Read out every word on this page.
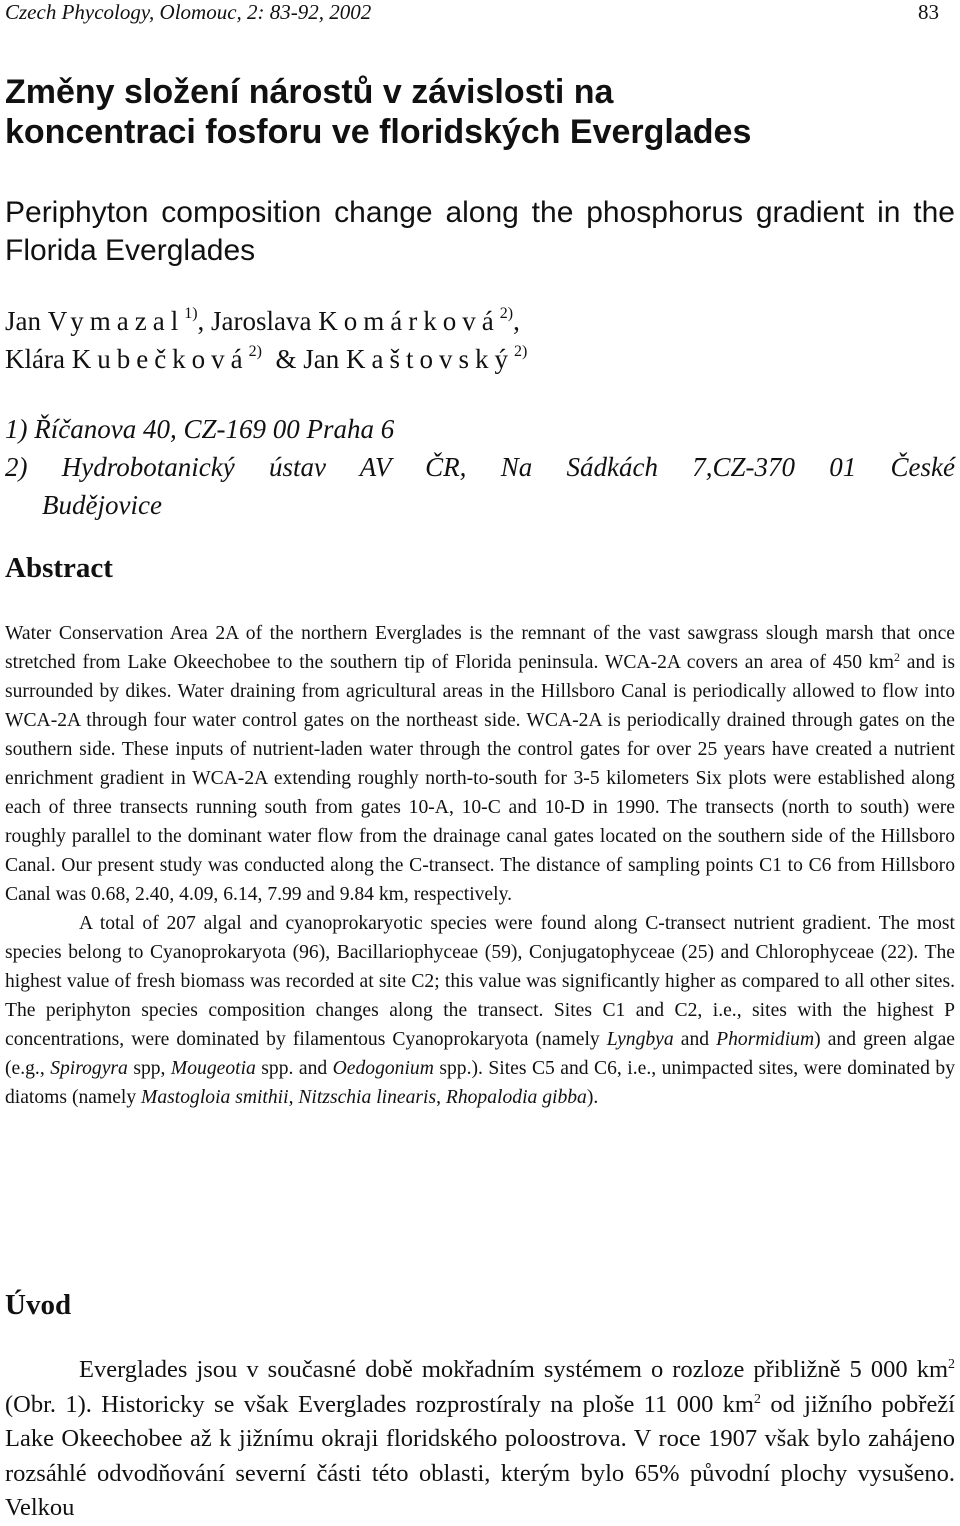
Czech Phycology, Olomouc, 2: 83-92, 2002	83
Změny složení nárostů v závislosti na
koncentraci fosforu ve floridských Everglades
Periphyton composition change along the phosphorus gradient in the Florida Everglades
Jan Vymazal$^{1)}$, Jaroslava Komárková$^{2)}$,
Klára Kubečková$^{2)}$ & Jan Kaštovský$^{2)}$
1) Říčanova 40, CZ-169 00 Praha 6
2) Hydrobotanický ústav AV ČR, Na Sádkách 7,CZ-370 01 České
Budějovice
Abstract

Water Conservation Area 2A of the northern Everglades is the remnant of the vast sawgrass slough marsh that once stretched from Lake Okeechobee to the southern tip of Florida peninsula. WCA-2A covers an area of 450 $km^2$ and is surrounded by dikes. Water draining from agricultural areas in the Hillsboro Canal is periodically allowed to flow into WCA-2A through four water control gates on the northeast side. WCA-2A is periodically drained through gates on the southern side. These inputs of nutrient-laden water through the control gates for over 25 years have created a nutrient enrichment gradient in WCA-2A extending roughly north-to-south for 3-5 kilometers Six plots were established along each of three transects running south from gates 10-A, 10-C and 10-D in 1990. The transects (north to south) were roughly parallel to the dominant water flow from the drainage canal gates located on the southern side of the Hillsboro Canal. Our present study was conducted along the C-transect. The distance of sampling points C1 to C6 from Hillsboro Canal was 0.68, 2.40, 4.09, 6.14, 7.99 and 9.84 km, respectively.

A total of 207 algal and cyanoprokaryotic species were found along C-transect nutrient gradient. The most species belong to Cyanoprokaryota (96), Bacillariophyceae (59), Conjugatophyceae (25) and Chlorophyceae (22). The highest value of fresh biomass was recorded at site C2; this value was significantly higher as compared to all other sites. The periphyton species composition changes along the transect. Sites C1 and C2, i.e., sites with the highest P concentrations, were dominated by filamentous Cyanoprokaryota (namely Lyngbya and Phormidium) and green algae (e.g., Spirogyra spp, Mougeotia spp. and Oedogonium spp.). Sites C5 and C6, i.e., unimpacted sites, were dominated by diatoms (namely Mastogloia smithii, Nitzschia linearis, Rhopalodia gibba).

Úvod

Everglades jsou v současné době mokřadním systémem o rozloze přibližně 5 000 $km^2$ (Obr. 1). Historicky se však Everglades rozprostíraly na ploše 11 000 $km^2$ od jižního pobřeží Lake Okeechobee až k jižnímu okraji floridského poloostrova. V roce 1907 však bylo zahájeno rozsáhlé odvodňování severní části této oblasti, kterým bylo 65% původní plochy vysušeno. Velkou
